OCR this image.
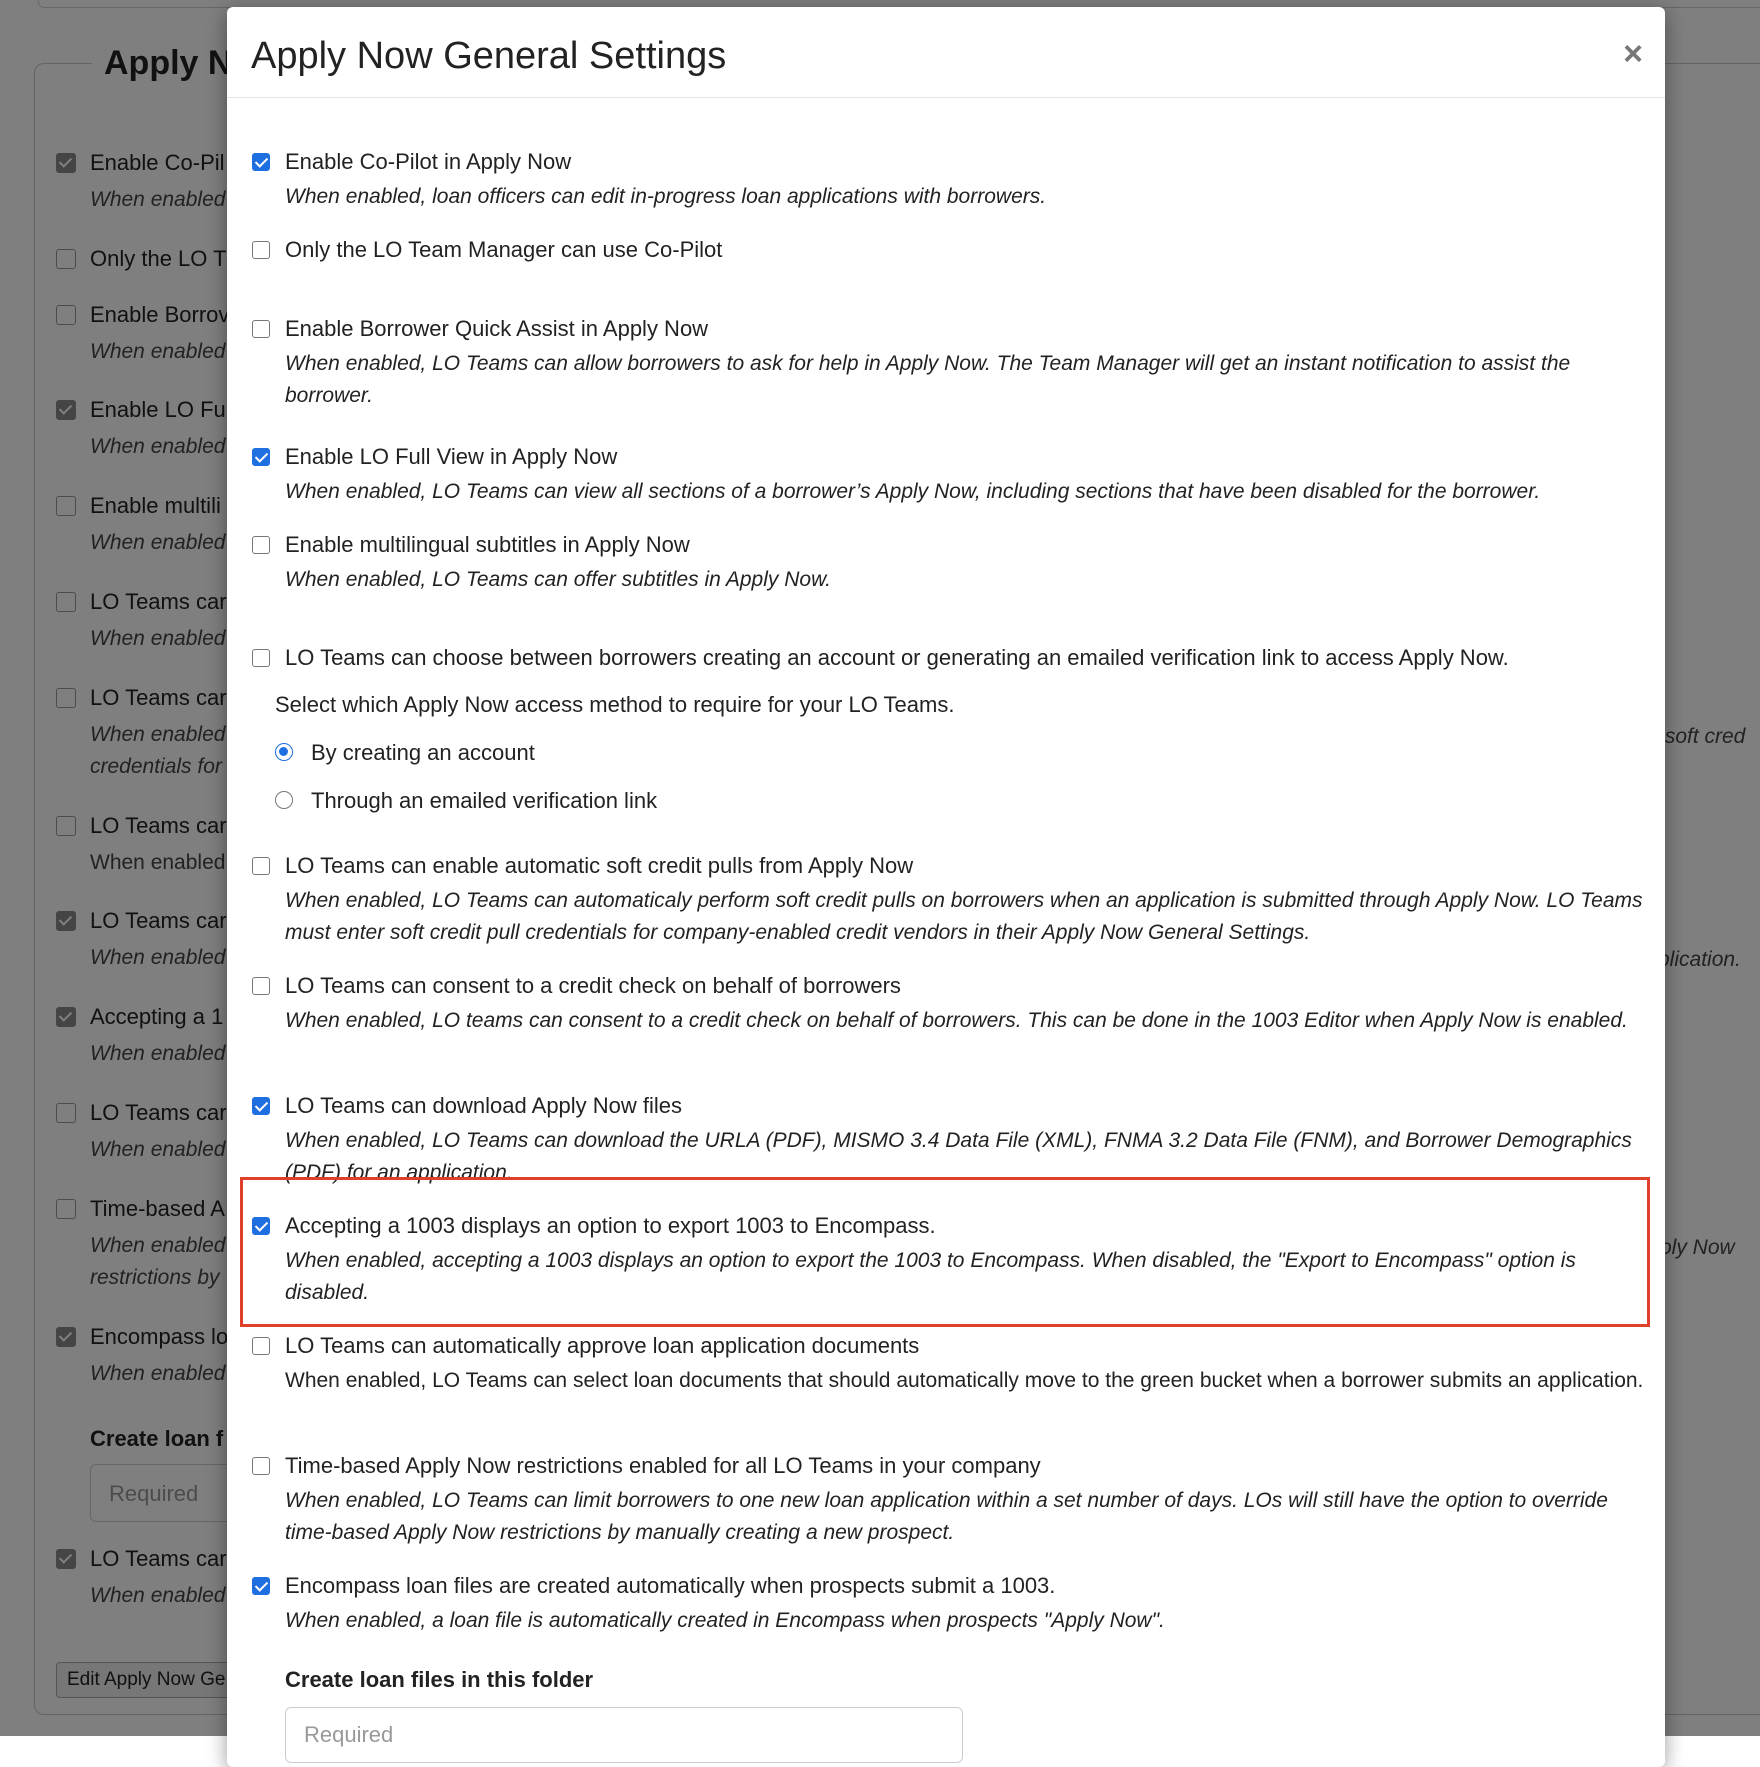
Apply Now General Settings	×
Enable Co-Pilot in Apply Now
When enabled, loan officers can edit in-progress loan applications with borrowers.
Only the LO Team Manager can use Co-Pilot
Enable Borrower Quick Assist in Apply Now
When enabled, LO Teams can allow borrowers to ask for help in Apply Now. The Team Manager will get an instant notification to assist the borrower.
Enable LO Full View in Apply Now
When enabled, LO Teams can view all sections of a borrower’s Apply Now, including sections that have been disabled for the borrower.
Enable multilingual subtitles in Apply Now
When enabled, LO Teams can offer subtitles in Apply Now.
LO Teams can choose between borrowers creating an account or generating an emailed verification link to access Apply Now.
Select which Apply Now access method to require for your LO Teams.
By creating an account
Through an emailed verification link
LO Teams can enable automatic soft credit pulls from Apply Now
When enabled, LO Teams can automaticaly perform soft credit pulls on borrowers when an application is submitted through Apply Now. LO Teams must enter soft credit pull credentials for company-enabled credit vendors in their Apply Now General Settings.
LO Teams can consent to a credit check on behalf of borrowers
When enabled, LO teams can consent to a credit check on behalf of borrowers. This can be done in the 1003 Editor when Apply Now is enabled.
LO Teams can download Apply Now files
When enabled, LO Teams can download the URLA (PDF), MISMO 3.4 Data File (XML), FNMA 3.2 Data File (FNM), and Borrower Demographics (PDF) for an application.
Accepting a 1003 displays an option to export 1003 to Encompass.
When enabled, accepting a 1003 displays an option to export the 1003 to Encompass. When disabled, the "Export to Encompass" option is disabled.
LO Teams can automatically approve loan application documents
When enabled, LO Teams can select loan documents that should automatically move to the green bucket when a borrower submits an application.
Time-based Apply Now restrictions enabled for all LO Teams in your company
When enabled, LO Teams can limit borrowers to one new loan application within a set number of days. LOs will still have the option to override time-based Apply Now restrictions by manually creating a new prospect.
Encompass loan files are created automatically when prospects submit a 1003.
When enabled, a loan file is automatically created in Encompass when prospects "Apply Now".
Create loan files in this folder
Required
